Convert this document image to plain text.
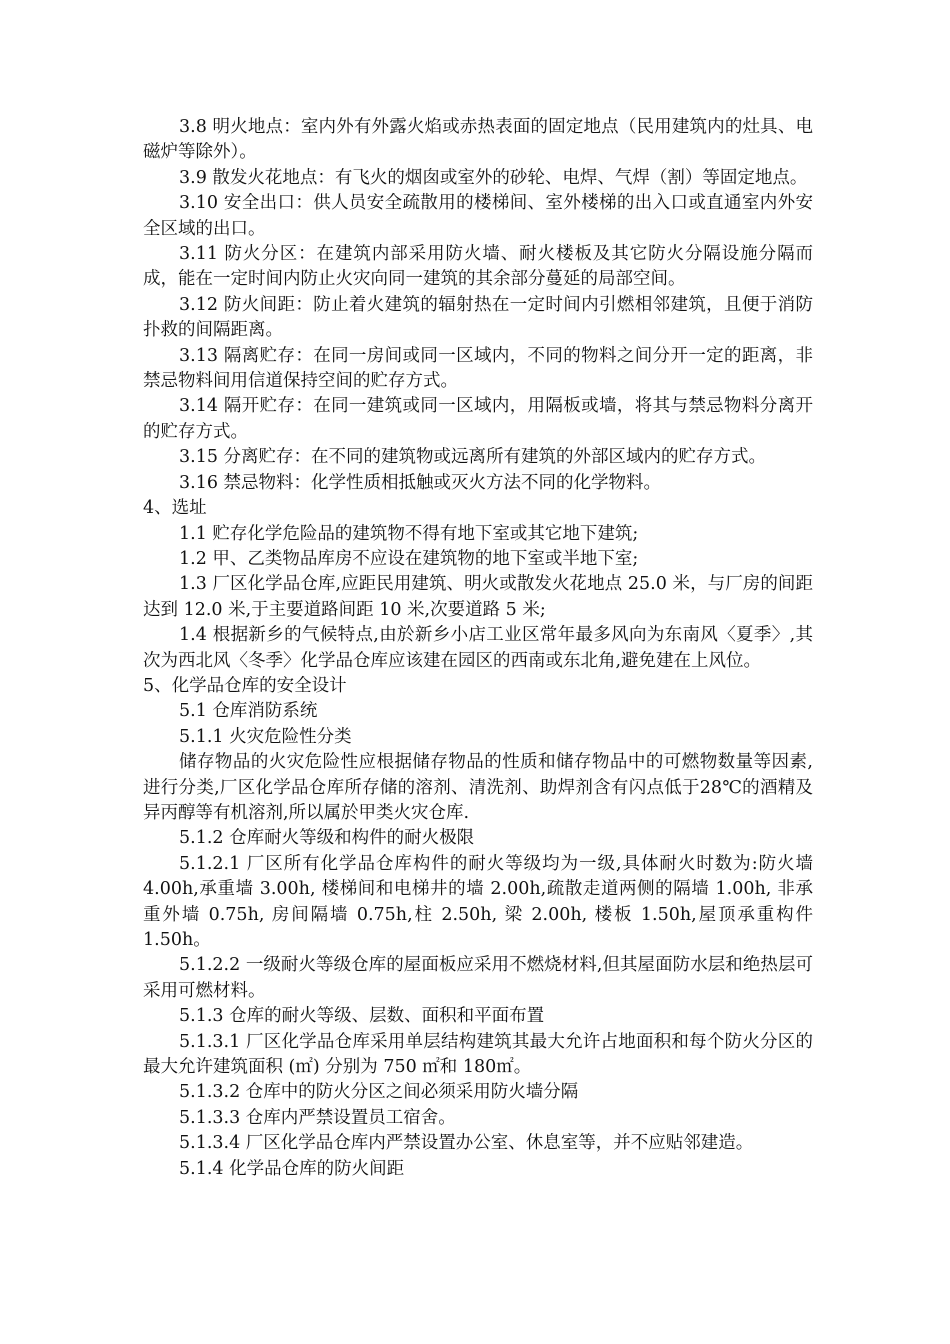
3.8 明火地点：室内外有外露火焰或赤热表面的固定地点（民用建筑内的灶具、电磁炉等除外）。

3.9 散发火花地点：有飞火的烟囱或室外的砂轮、电焊、气焊（割）等固定地点。

3.10 安全出口：供人员安全疏散用的楼梯间、室外楼梯的出入口或直通室内外安全区域的出口。

3.11 防火分区：在建筑内部采用防火墙、耐火楼板及其它防火分隔设施分隔而成，能在一定时间内防止火灾向同一建筑的其余部分蔓延的局部空间。

3.12 防火间距：防止着火建筑的辐射热在一定时间内引燃相邻建筑，且便于消防扑救的间隔距离。

3.13 隔离贮存：在同一房间或同一区域内，不同的物料之间分开一定的距离，非禁忌物料间用信道保持空间的贮存方式。

3.14 隔开贮存：在同一建筑或同一区域内，用隔板或墙，将其与禁忌物料分离开的贮存方式。

3.15 分离贮存：在不同的建筑物或远离所有建筑的外部区域内的贮存方式。

3.16 禁忌物料：化学性质相抵触或灭火方法不同的化学物料。

4、选址

1.1 贮存化学危险品的建筑物不得有地下室或其它地下建筑;

1.2 甲、乙类物品库房不应设在建筑物的地下室或半地下室;

1.3 厂区化学品仓库,应距民用建筑、明火或散发火花地点 25.0 米，与厂房的间距达到 12.0 米,于主要道路间距 10 米,次要道路 5 米;

1.4 根据新乡的气候特点,由於新乡小店工业区常年最多风向为东南风〈夏季〉,其次为西北风〈冬季〉化学品仓库应该建在园区的西南或东北角,避免建在上风位。

5、化学品仓库的安全设计

5.1 仓库消防系统

5.1.1 火灾危险性分类

储存物品的火灾危险性应根据储存物品的性质和储存物品中的可燃物数量等因素,进行分类,厂区化学品仓库所存储的溶剂、清洗剂、助焊剂含有闪点低于28℃的酒精及异丙醇等有机溶剂,所以属於甲类火灾仓库.

5.1.2 仓库耐火等级和构件的耐火极限

5.1.2.1 厂区所有化学品仓库构件的耐火等级均为一级,具体耐火时数为:防火墙 4.00h,承重墙 3.00h, 楼梯间和电梯井的墙 2.00h,疏散走道两侧的隔墙 1.00h, 非承重外墙 0.75h, 房间隔墙 0.75h,柱 2.50h, 梁 2.00h, 楼板 1.50h,屋顶承重构件 1.50h。

5.1.2.2 一级耐火等级仓库的屋面板应采用不燃烧材料,但其屋面防水层和绝热层可采用可燃材料。

5.1.3 仓库的耐火等级、层数、面积和平面布置

5.1.3.1 厂区化学品仓库采用单层结构建筑其最大允许占地面积和每个防火分区的最大允许建筑面积 (㎡) 分别为 750 ㎡和 180㎡。

5.1.3.2 仓库中的防火分区之间必须采用防火墙分隔

5.1.3.3 仓库内严禁设置员工宿舍。

5.1.3.4 厂区化学品仓库内严禁设置办公室、休息室等，并不应贴邻建造。

5.1.4 化学品仓库的防火间距
